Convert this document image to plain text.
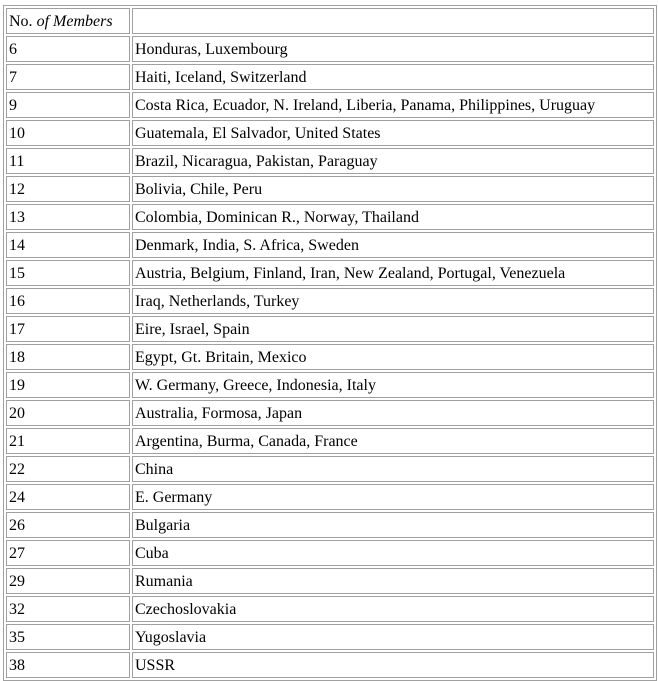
No. of Members	
6	Honduras, Luxembourg
7	Haiti, Iceland, Switzerland
9	Costa Rica, Ecuador, N. Ireland, Liberia, Panama, Philippines, Uruguay
10	Guatemala, El Salvador, United States
11	Brazil, Nicaragua, Pakistan, Paraguay
12	Bolivia, Chile, Peru
13	Colombia, Dominican R., Norway, Thailand
14	Denmark, India, S. Africa, Sweden
15	Austria, Belgium, Finland, Iran, New Zealand, Portugal, Venezuela
16	Iraq, Netherlands, Turkey
17	Eire, Israel, Spain
18	Egypt, Gt. Britain, Mexico
19	W. Germany, Greece, Indonesia, Italy
20	Australia, Formosa, Japan
21	Argentina, Burma, Canada, France
22	China
24	E. Germany
26	Bulgaria
27	Cuba
29	Rumania
32	Czechoslovakia
35	Yugoslavia
38	USSR
